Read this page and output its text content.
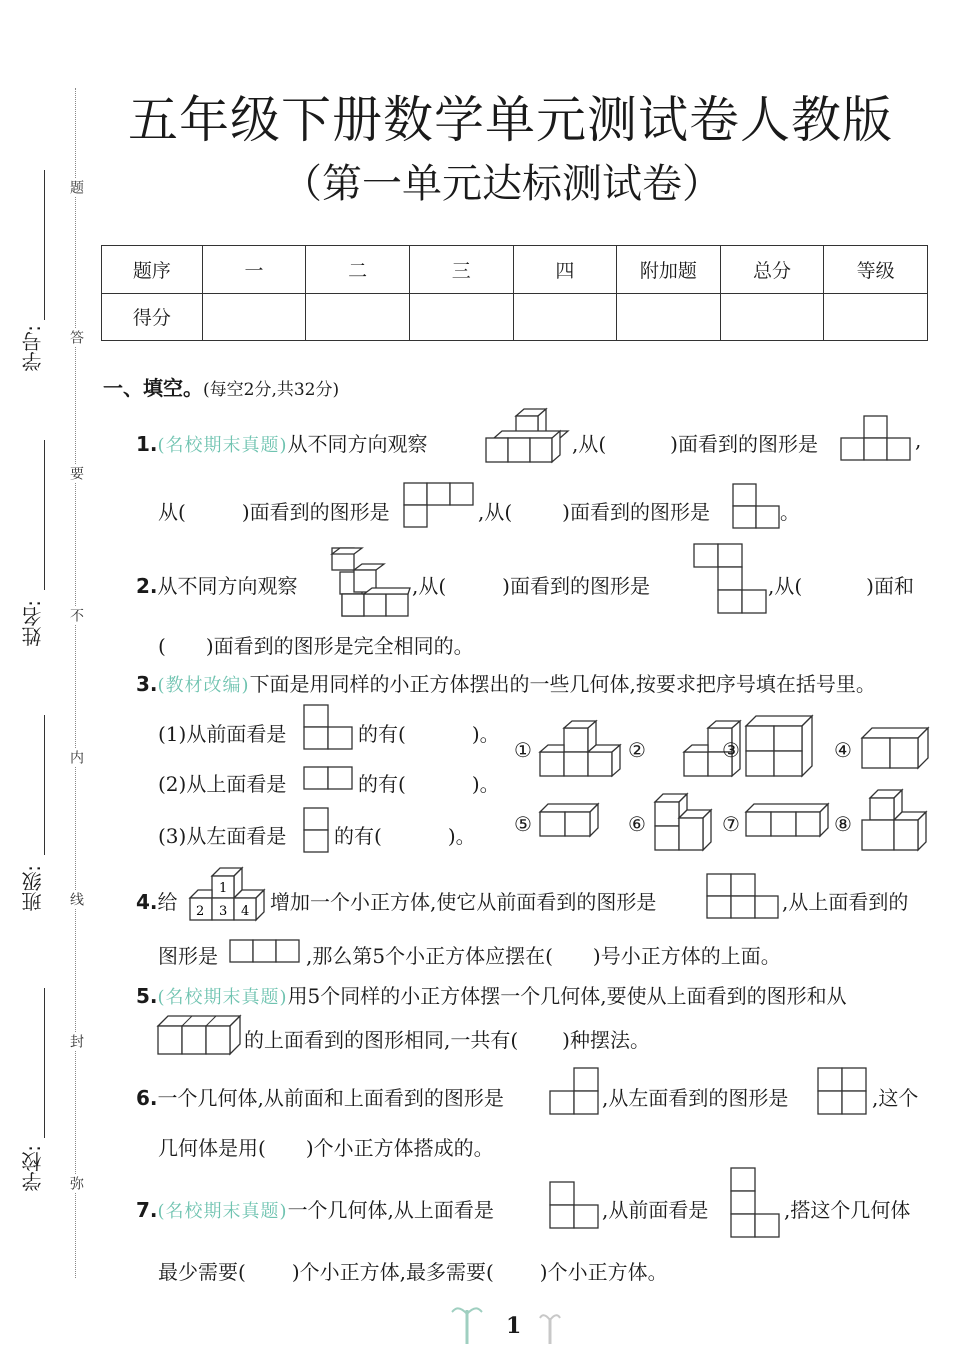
五年级下册数学单元测试卷人教版
（第一单元达标测试卷）
题
答
要
不
内
线
封
弥
学号:
姓名:
班级:
学校:
题序	一	二	三	四	附加题	总分	等级
得分							
一、填空。(每空2分,共32分)
1.(名校期末真题)从不同方向观察	,从(	)面看到的图形是	,
从(	)面看到的图形是	,从(	)面看到的图形是	。
2.从不同方向观察	,从(	)面看到的图形是	,从(	)面和
( )面看到的图形是完全相同的。
3.(教材改编)下面是用同样的小正方体摆出的一些几何体,按要求把序号填在括号里。
(1)从前面看是	的有(	)。
(2)从上面看是	的有(	)。
(3)从左面看是 的有(	)。
①	②	③	④
⑤	⑥	⑦	⑧
4.给
1
2 3 4 增加一个小正方体,使它从前面看到的图形是	,从上面看到的
图形是	,那么第5个小正方体应摆在( )号小正方体的上面。
5.(名校期末真题)用5个同样的小正方体摆一个几何体,要使从上面看到的图形和从
的上面看到的图形相同,一共有( )种摆法。
6.一个几何体,从前面和上面看到的图形是	,从左面看到的图形是	,这个
几何体是用( )个小正方体搭成的。
7.(名校期末真题)一个几何体,从上面看是	,从前面看是	,搭这个几何体
最少需要( )个小正方体,最多需要( )个小正方体。
1
